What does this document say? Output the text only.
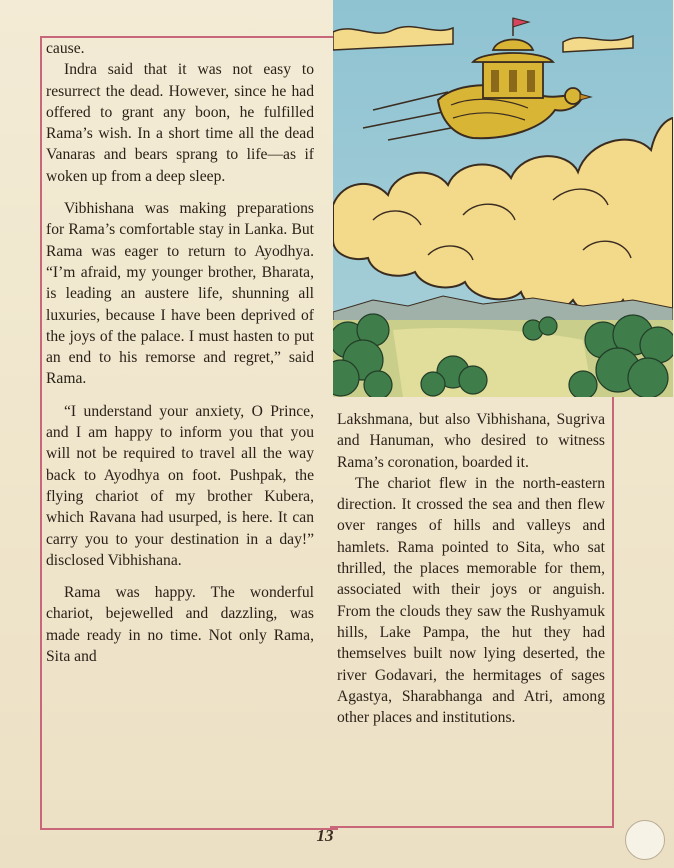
cause.

Indra said that it was not easy to resurrect the dead. However, since he had offered to grant any boon, he fulfilled Rama’s wish. In a short time all the dead Vanaras and bears sprang to life—as if woken up from a deep sleep.

Vibhishana was making preparations for Rama’s comfortable stay in Lanka. But Rama was eager to return to Ayodhya. “I’m afraid, my younger brother, Bharata, is leading an austere life, shunning all luxuries, because I have been deprived of the joys of the palace. I must hasten to put an end to his remorse and regret,” said Rama.

“I understand your anxiety, O Prince, and I am happy to inform you that you will not be required to travel all the way back to Ayodhya on foot. Pushpak, the flying chariot of my brother Kubera, which Ravana had usurped, is here. It can carry you to your destination in a day!” disclosed Vibhishana.

Rama was happy. The wonderful chariot, bejewelled and dazzling, was made ready in no time. Not only Rama, Sita and

Lakshmana, but also Vibhishana, Sugriva and Hanuman, who desired to witness Rama’s coronation, boarded it.

The chariot flew in the north-eastern direction. It crossed the sea and then flew over ranges of hills and valleys and hamlets. Rama pointed to Sita, who sat thrilled, the places memorable for them, associated with their joys or anguish. From the clouds they saw the Rushyamuk hills, Lake Pampa, the hut they had themselves built now lying deserted, the river Godavari, the hermitages of sages Agastya, Sharabhanga and Atri, among other places and institutions.

13
